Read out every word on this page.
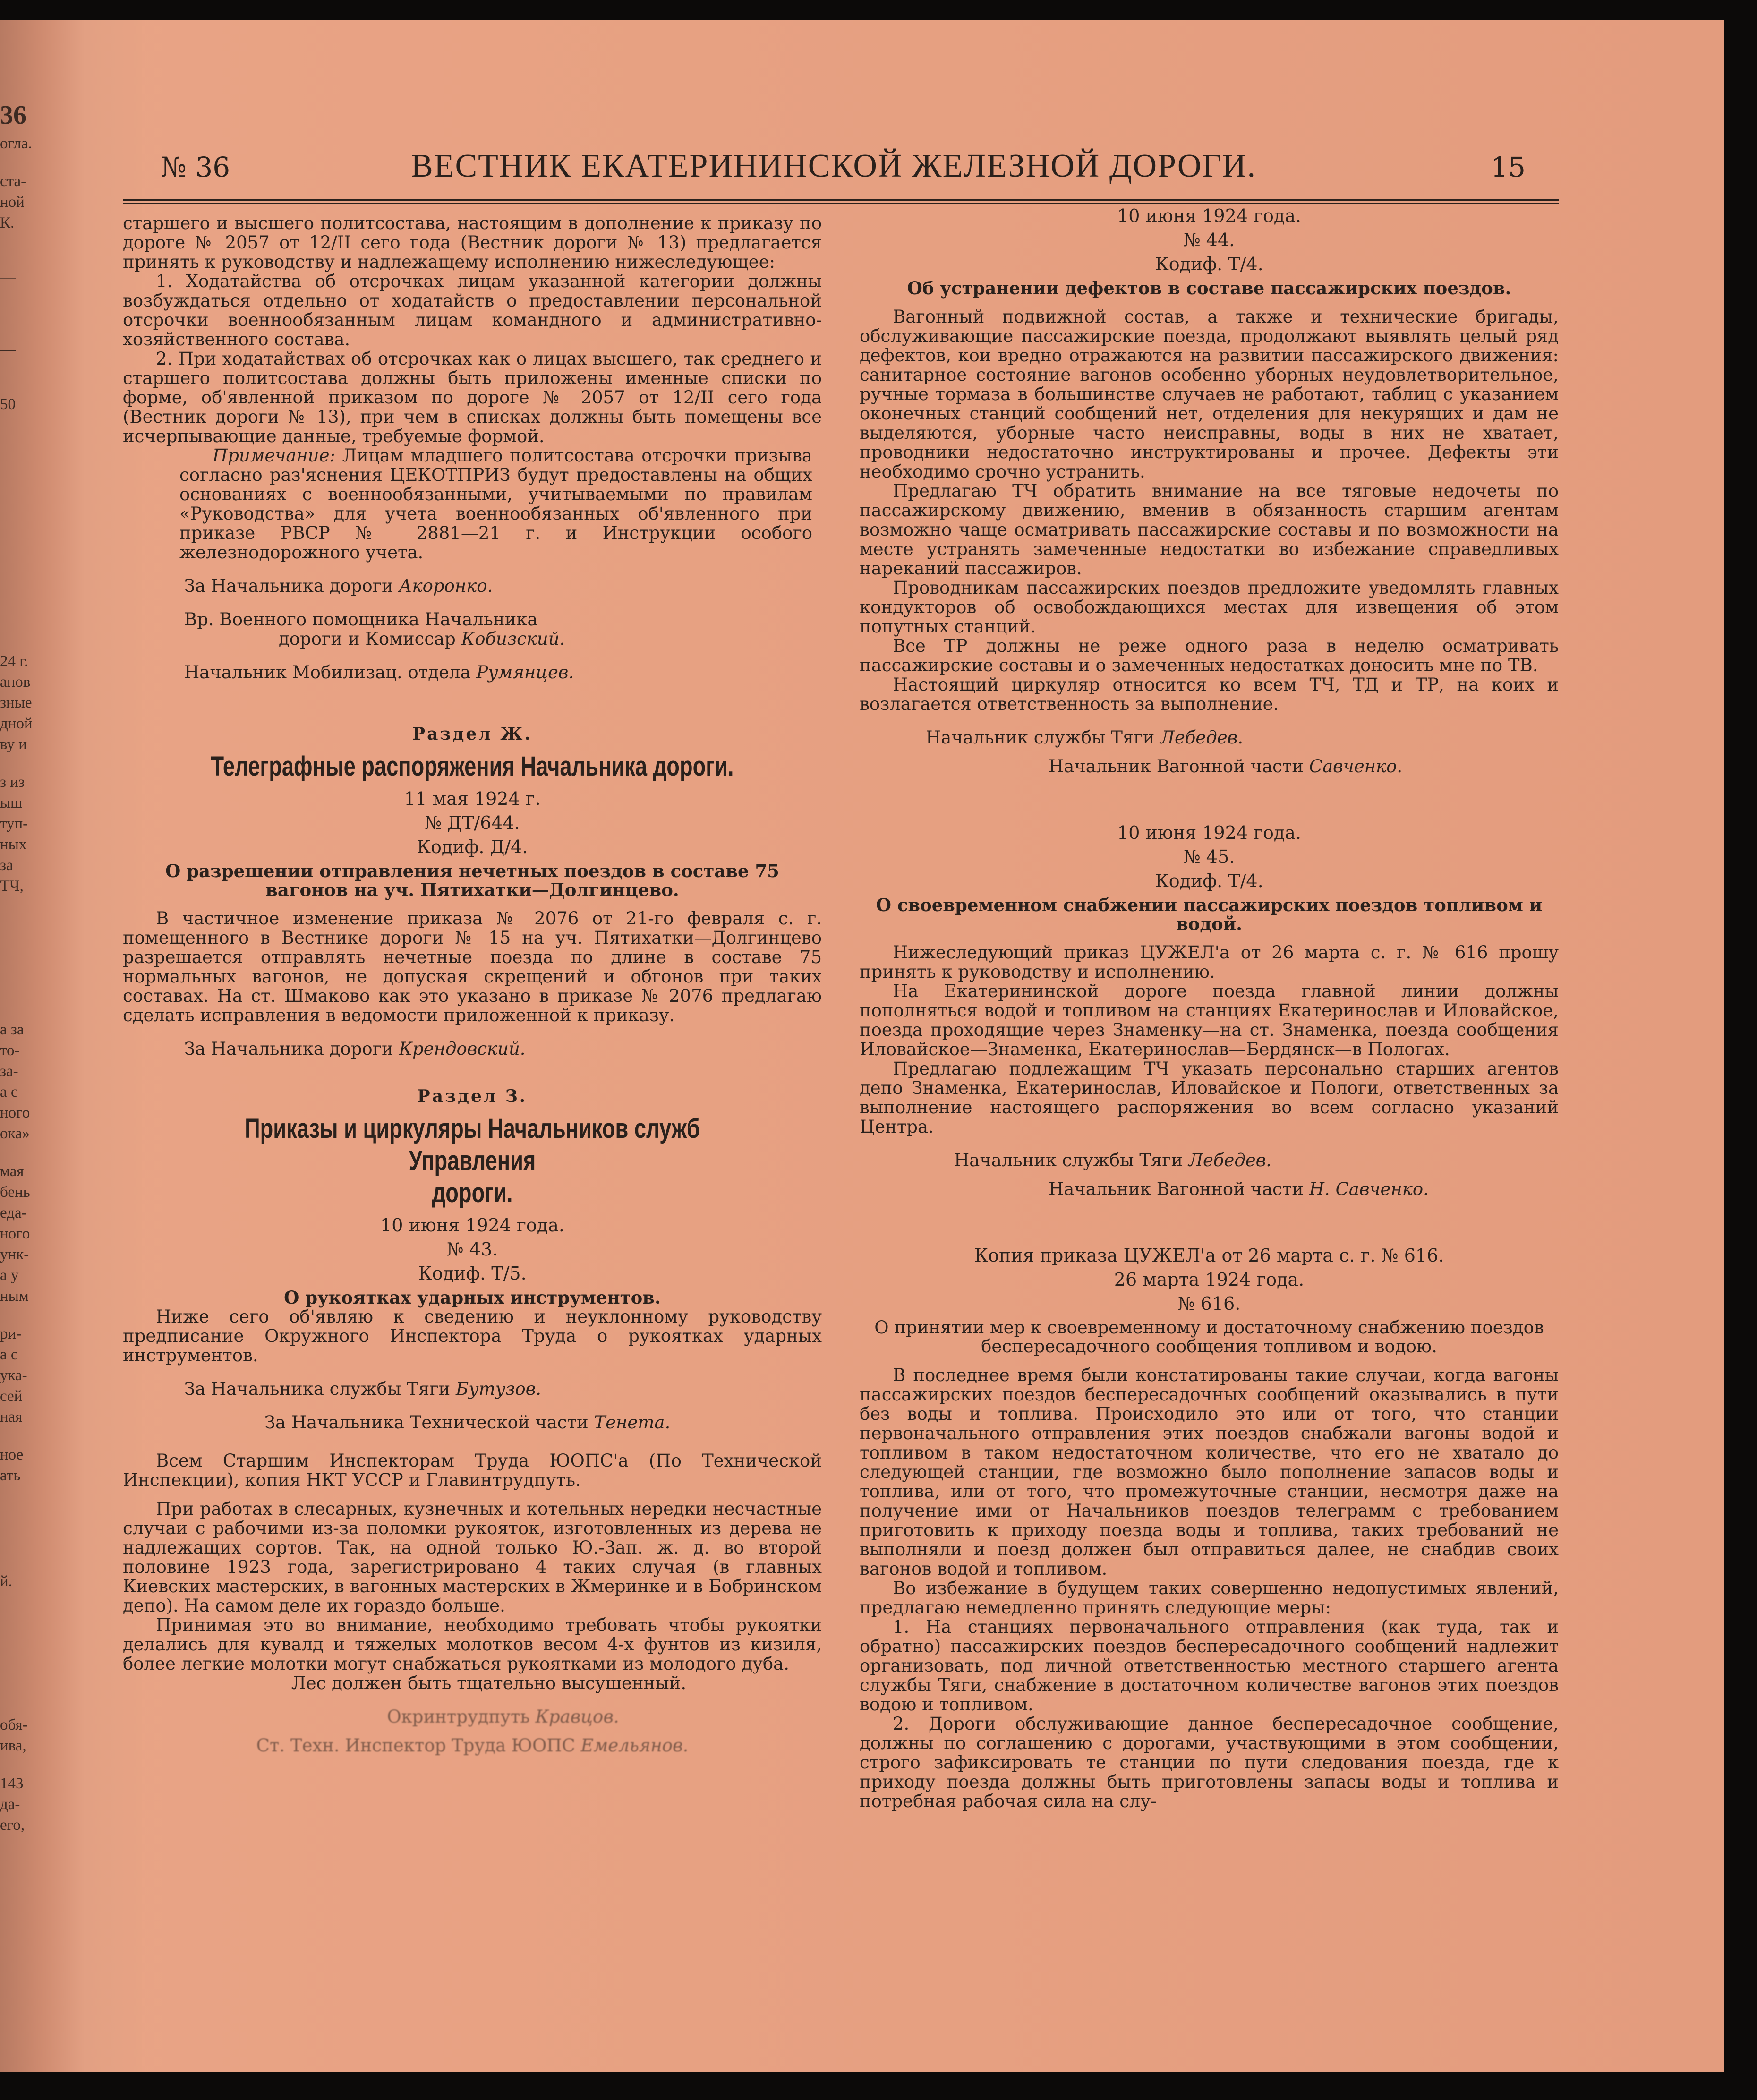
36
огла.
ста-
ной
К.
—
—
50
24 г.
анов
зные
дной
ву и
з из
ыш
туп-
ных
за
ТЧ,
а за
то-
за-
а с
ного
ока»
мая
бень
еда-
ного
унк-
а у
ным
ри-
а с
ука-
сей
ная
ное
ать
й.
обя-
ива,
143
да-
его,
№ 36	ВЕСТНИК ЕКАТЕРИНИНСКОЙ ЖЕЛЕЗНОЙ ДОРОГИ.	15

старшего и высшего политсостава, настоящим в дополнение к приказу по дороге № 2057 от 12/II сего года (Вестник дороги № 13) предлагается принять к руководству и надлежащему исполнению нижеследующее:

1. Ходатайства об отсрочках лицам указанной категории должны возбуждаться отдельно от ходатайств о предоставлении персональной отсрочки военнообязанным лицам командного и административно-хозяйственного состава.

2. При ходатайствах об отсрочках как о лицах высшего, так среднего и старшего политсостава должны быть приложены именные списки по форме, об'явленной приказом по дороге № 2057 от 12/II сего года (Вестник дороги № 13), при чем в списках должны быть помещены все исчерпывающие данные, требуемые формой.

Примечание: Лицам младшего политсостава отсрочки призыва согласно раз'яснения ЦЕКОТПРИЗ будут предоставлены на общих основаниях с военнообязанными, учитываемыми по правилам «Руководства» для учета военнообязанных об'явленного при приказе РВСР № 2881—21 г. и Инструкции особого железнодорожного учета.

За Начальника дороги Акоронко.

Вр. Военного помощника Начальника

дороги и Комиссар Кобизский.

Начальник Мобилизац. отдела Румянцев.

Раздел Ж.
Телеграфные распоряжения Начальника дороги.
11 мая 1924 г.
№ ДТ/644.
Кодиф. Д/4.
О разрешении отправления нечетных поездов в составе 75 вагонов на уч. Пятихатки—Долгинцево.

В частичное изменение приказа № 2076 от 21-го февраля с. г. помещенного в Вестнике дороги № 15 на уч. Пятихатки—Долгинцево разрешается отправлять нечетные поезда по длине в составе 75 нормальных вагонов, не допуская скрещений и обгонов при таких составах. На ст. Шмаково как это указано в приказе № 2076 предлагаю сделать исправления в ведомости приложенной к приказу.

За Начальника дороги Крендовский.

Раздел З.
Приказы и циркуляры Начальников служб Управления
дороги.
10 июня 1924 года.
№ 43.
Кодиф. Т/5.
О рукоятках ударных инструментов.

Ниже сего об'являю к сведению и неуклонному руководству предписание Окружного Инспектора Труда о рукоятках ударных инструментов.

За Начальника службы Тяги Бутузов.

За Начальника Технической части Тенета.

Всем Старшим Инспекторам Труда ЮОПС'а (По Технической Инспекции), копия НКТ УССР и Главинтрудпуть.

При работах в слесарных, кузнечных и котельных нередки несчастные случаи с рабочими из-за поломки рукояток, изготовленных из дерева не надлежащих сортов. Так, на одной только Ю.-Зап. ж. д. во второй половине 1923 года, зарегистрировано 4 таких случая (в главных Киевских мастерских, в вагонных мастерских в Жмеринке и в Бобринском депо). На самом деле их гораздо больше.

Принимая это во внимание, необходимо требовать чтобы рукоятки делались для кувалд и тяжелых молотков весом 4-х фунтов из кизиля, более легкие молотки могут снабжаться рукоятками из молодого дуба.

Лес должен быть тщательно высушенный.

Окринтрудпуть Кравцов.

Ст. Техн. Инспектор Труда ЮОПС Емельянов.

10 июня 1924 года.
№ 44.
Кодиф. Т/4.
Об устранении дефектов в составе пассажирских поездов.

Вагонный подвижной состав, а также и технические бригады, обслуживающие пассажирские поезда, продолжают выявлять целый ряд дефектов, кои вредно отражаются на развитии пассажирского движения: санитарное состояние вагонов особенно уборных неудовлетворительное, ручные тормаза в большинстве случаев не работают, таблиц с указанием оконечных станций сообщений нет, отделения для некурящих и дам не выделяются, уборные часто неисправны, воды в них не хватает, проводники недостаточно инструктированы и прочее. Дефекты эти необходимо срочно устранить.

Предлагаю ТЧ обратить внимание на все тяговые недочеты по пассажирскому движению, вменив в обязанность старшим агентам возможно чаще осматривать пассажирские составы и по возможности на месте устранять замеченные недостатки во избежание справедливых нареканий пассажиров.

Проводникам пассажирских поездов предложите уведомлять главных кондукторов об освобождающихся местах для извещения об этом попутных станций.

Все ТР должны не реже одного раза в неделю осматривать пассажирские составы и о замеченных недостатках доносить мне по ТВ.

Настоящий циркуляр относится ко всем ТЧ, ТД и ТР, на коих и возлагается ответственность за выполнение.

Начальник службы Тяги Лебедев.

Начальник Вагонной части Савченко.

10 июня 1924 года.
№ 45.
Кодиф. Т/4.
О своевременном снабжении пассажирских поездов топливом и водой.

Нижеследующий приказ ЦУЖЕЛ'а от 26 марта с. г. № 616 прошу принять к руководству и исполнению.

На Екатерининской дороге поезда главной линии должны пополняться водой и топливом на станциях Екатеринослав и Иловайское, поезда проходящие через Знаменку—на ст. Знаменка, поезда сообщения Иловайское—Знаменка, Екатеринослав—Бердянск—в Пологах.

Предлагаю подлежащим ТЧ указать персонально старших агентов депо Знаменка, Екатеринослав, Иловайское и Пологи, ответственных за выполнение настоящего распоряжения во всем согласно указаний Центра.

Начальник службы Тяги Лебедев.

Начальник Вагонной части Н. Савченко.

Копия приказа ЦУЖЕЛ'а от 26 марта с. г. № 616.
26 марта 1924 года.
№ 616.
О принятии мер к своевременному и достаточному снабжению поездов беспересадочного сообщения топливом и водою.

В последнее время были констатированы такие случаи, когда вагоны пассажирских поездов беспересадочных сообщений оказывались в пути без воды и топлива. Происходило это или от того, что станции первоначального отправления этих поездов снабжали вагоны водой и топливом в таком недостаточном количестве, что его не хватало до следующей станции, где возможно было пополнение запасов воды и топлива, или от того, что промежуточные станции, несмотря даже на получение ими от Начальников поездов телеграмм с требованием приготовить к приходу поезда воды и топлива, таких требований не выполняли и поезд должен был отправиться далее, не снабдив своих вагонов водой и топливом.

Во избежание в будущем таких совершенно недопустимых явлений, предлагаю немедленно принять следующие меры:

1. На станциях первоначального отправления (как туда, так и обратно) пассажирских поездов беспересадочного сообщений надлежит организовать, под личной ответственностью местного старшего агента службы Тяги, снабжение в достаточном количестве вагонов этих поездов водою и топливом.

2. Дороги обслуживающие данное беспересадочное сообщение, должны по соглашению с дорогами, участвующими в этом сообщении, строго зафиксировать те станции по пути следования поезда, где к приходу поезда должны быть приготовлены запасы воды и топлива и потребная рабочая сила на слу-
